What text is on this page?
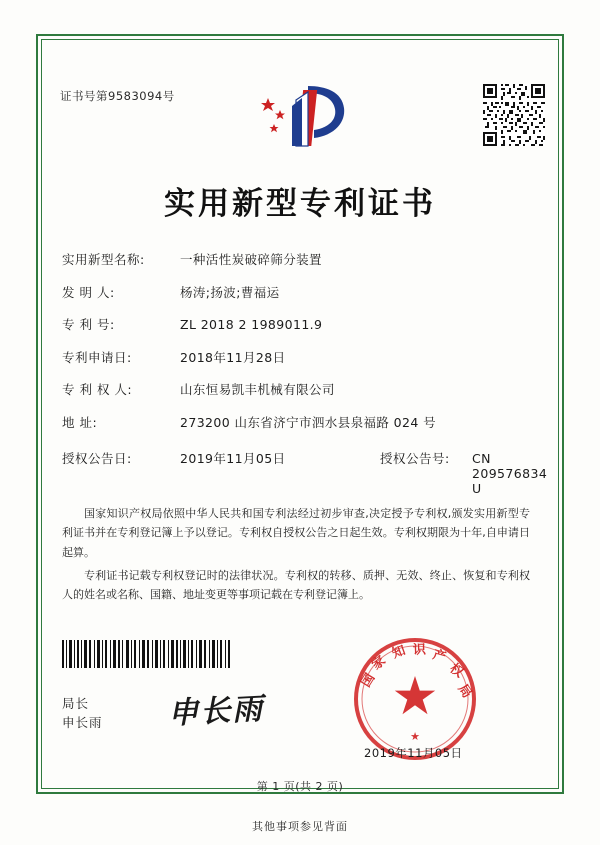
证书号第9583094号
实用新型专利证书
实用新型名称:	一种活性炭破碎筛分装置
发 明 人:	杨涛;扬波;曹福运
专 利 号:	ZL 2018 2 1989011.9
专利申请日:	2018年11月28日
专 利 权 人:	山东恒易凯丰机械有限公司
地 址:	273200 山东省济宁市泗水县泉福路 024 号
授权公告日:	2019年11月05日	授权公告号:	CN 209576834 U

国家知识产权局依照中华人民共和国专利法经过初步审查,决定授予专利权,颁发实用新型专利证书并在专利登记簿上予以登记。专利权自授权公告之日起生效。专利权期限为十年,自申请日起算。

专利证书记载专利权登记时的法律状况。专利权的转移、质押、无效、终止、恢复和专利权人的姓名或名称、国籍、地址变更等事项记载在专利登记簿上。

国
家
知 识 产
权
局
★
局长
申长雨 申长雨
2019年11月05日
第 1 页(共 2 页)
其他事项参见背面
